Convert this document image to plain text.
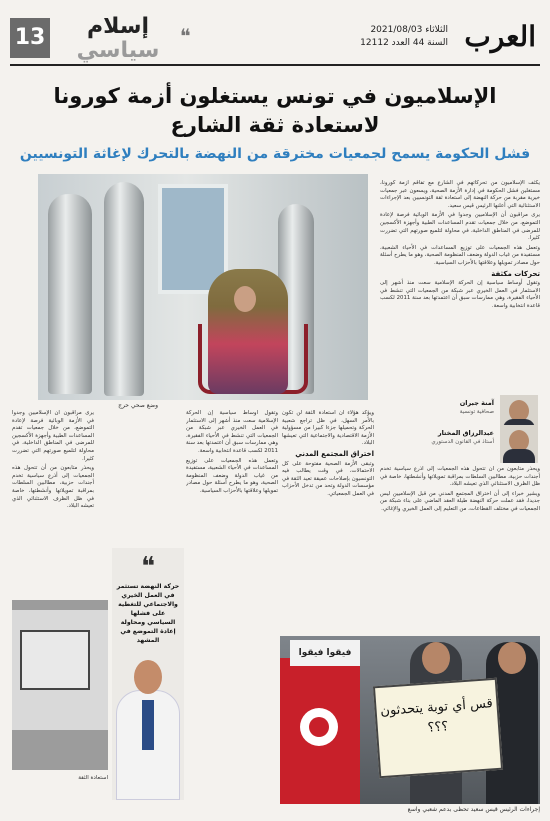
13	إسلام
سياسي
❝	العرب
الثلاثاء 2021/08/03
السنة 44 العدد 12112
الإسلاميون في تونس يستغلون أزمة كورونا
لاستعادة ثقة الشارع
فشل الحكومة يسمح لجمعيات مخترقة من النهضة بالتحرك لإغاثة التونسيين
وضع صحي حرج

يكثف الإسلاميون من تحركاتهم في الشارع مع تفاقم أزمة كورونا، مستغلين فشل الحكومة في إدارة الأزمة الصحية، ويسعون عبر جمعيات خيرية مقربة من حركة النهضة إلى استعادة ثقة التونسيين بعد الإجراءات الاستثنائية التي أعلنها الرئيس قيس سعيد.

يرى مراقبون أن الإسلاميين وجدوا في الأزمة الوبائية فرصة لإعادة التموضع، من خلال جمعيات تقدم المساعدات الطبية وأجهزة الأكسجين للمرضى في المناطق الداخلية، في محاولة لتلميع صورتهم التي تضررت كثيرا.

وتعمل هذه الجمعيات على توزيع المساعدات في الأحياء الشعبية، مستفيدة من غياب الدولة وضعف المنظومة الصحية، وهو ما يطرح أسئلة حول مصادر تمويلها وعلاقتها بالأحزاب السياسية.

تحركات مكثفة

وتقول أوساط سياسية إن الحركة الإسلامية سعت منذ أشهر إلى الاستثمار في العمل الخيري عبر شبكة من الجمعيات التي تنشط في الأحياء الفقيرة، وهي ممارسات سبق أن اعتمدتها بعد سنة 2011 لكسب قاعدة انتخابية واسعة.

آمنة جبران
صحافية تونسية
عبدالرزاق المختار
أستاذ في القانون الدستوري

ويحذر متابعون من أن تتحول هذه الجمعيات إلى أذرع سياسية تخدم أجندات حزبية، مطالبين السلطات بمراقبة تمويلاتها وأنشطتها، خاصة في ظل الظرف الاستثنائي الذي تعيشه البلاد.

ويشير خبراء إلى أن اختراق المجتمع المدني من قبل الإسلاميين ليس جديدا، فقد عملت حركة النهضة طيلة العقد الماضي على بناء شبكة من الجمعيات في مختلف القطاعات، من التعليم إلى العمل الخيري والإغاثي.

ويؤكد هؤلاء أن استعادة الثقة لن تكون بالأمر السهل، في ظل تراجع شعبية الحركة وتحميلها جزءا كبيرا من مسؤولية الأزمة الاقتصادية والاجتماعية التي تعيشها البلاد.

اختراق المجتمع المدني

وتبقى الأزمة الصحية مفتوحة على كل الاحتمالات، في وقت يطالب فيه التونسيون بإصلاحات عميقة تعيد الثقة في مؤسسات الدولة وتحد من تدخل الأحزاب في العمل الجمعياتي.

وتقول أوساط سياسية إن الحركة الإسلامية سعت منذ أشهر إلى الاستثمار في العمل الخيري عبر شبكة من الجمعيات التي تنشط في الأحياء الفقيرة، وهي ممارسات سبق أن اعتمدتها بعد سنة 2011 لكسب قاعدة انتخابية واسعة.

وتعمل هذه الجمعيات على توزيع المساعدات في الأحياء الشعبية، مستفيدة من غياب الدولة وضعف المنظومة الصحية، وهو ما يطرح أسئلة حول مصادر تمويلها وعلاقتها بالأحزاب السياسية.

يرى مراقبون أن الإسلاميين وجدوا في الأزمة الوبائية فرصة لإعادة التموضع، من خلال جمعيات تقدم المساعدات الطبية وأجهزة الأكسجين للمرضى في المناطق الداخلية، في محاولة لتلميع صورتهم التي تضررت كثيرا.

ويحذر متابعون من أن تتحول هذه الجمعيات إلى أذرع سياسية تخدم أجندات حزبية، مطالبين السلطات بمراقبة تمويلاتها وأنشطتها، خاصة في ظل الظرف الاستثنائي الذي تعيشه البلاد.

❝
حركة النهضة تستثمر في العمل الخيري والاجتماعي للتغطية على فشلها السياسي ومحاولة إعادة التموضع في المشهد
استعادة الثقة
فيقوا فيقوا
قس أي توبة يتحدثون ؟؟؟
إجراءات الرئيس قيس سعيد تحظى بدعم شعبي واسع
